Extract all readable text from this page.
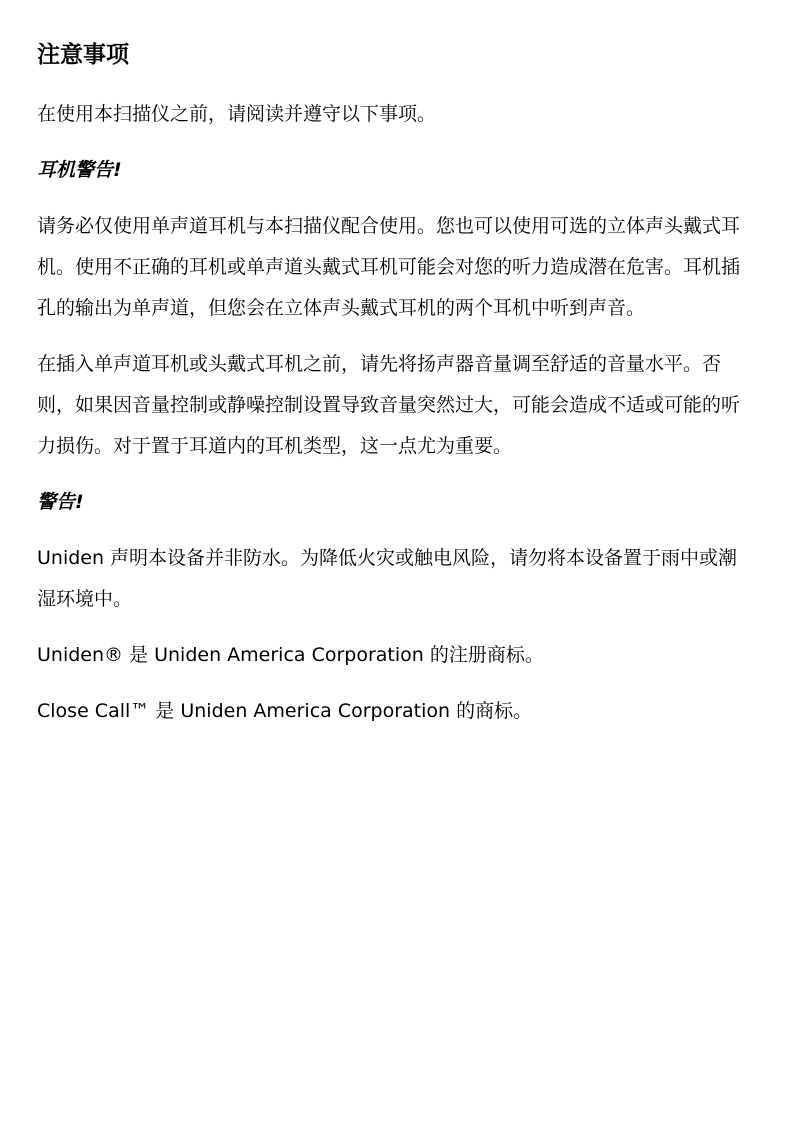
注意事项
在使用本扫描仪之前，请阅读并遵守以下事项。
耳机警告!
请务必仅使用单声道耳机与本扫描仪配合使用。您也可以使用可选的立体声头戴式耳机。使用不正确的耳机或单声道头戴式耳机可能会对您的听力造成潜在危害。耳机插孔的输出为单声道，但您会在立体声头戴式耳机的两个耳机中听到声音。
在插入单声道耳机或头戴式耳机之前，请先将扬声器音量调至舒适的音量水平。否则，如果因音量控制或静噪控制设置导致音量突然过大，可能会造成不适或可能的听力损伤。对于置于耳道内的耳机类型，这一点尤为重要。
警告!
Uniden 声明本设备并非防水。为降低火灾或触电风险，请勿将本设备置于雨中或潮湿环境中。
Uniden® 是 Uniden America Corporation 的注册商标。
Close Call™ 是 Uniden America Corporation 的商标。
